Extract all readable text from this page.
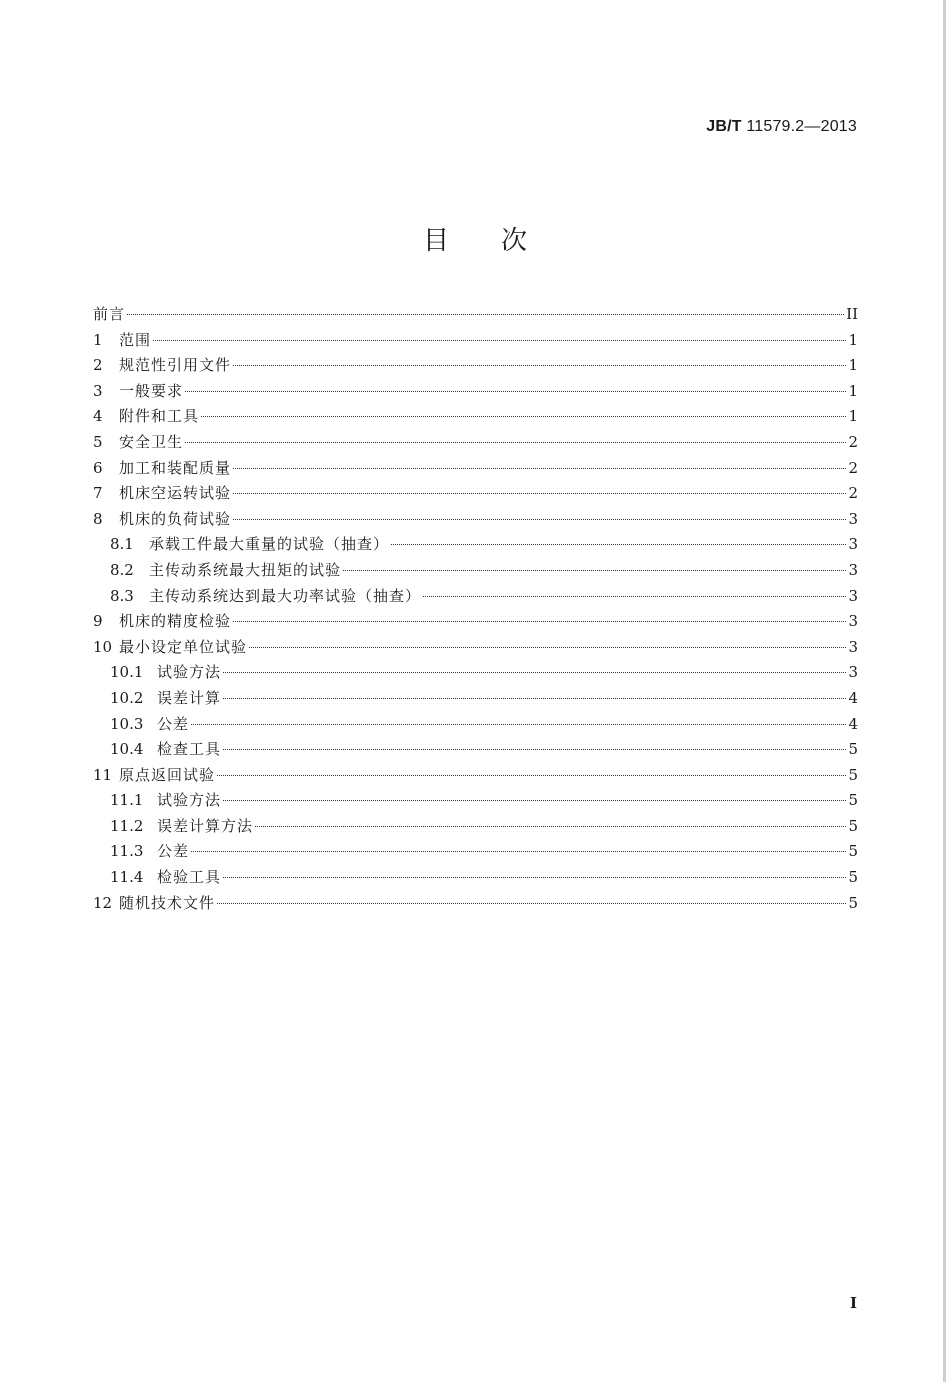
JB/T 11579.2—2013
目次
前言	II
1	范围	1
2	规范性引用文件	1
3	一般要求	1
4	附件和工具	1
5	安全卫生	2
6	加工和装配质量	2
7	机床空运转试验	2
8	机床的负荷试验	3
8.1	承载工件最大重量的试验（抽查）	3
8.2	主传动系统最大扭矩的试验	3
8.3	主传动系统达到最大功率试验（抽查）	3
9	机床的精度检验	3
10 最小设定单位试验	3
10.1 试验方法	3
10.2 误差计算	4
10.3 公差	4
10.4 检查工具	5
11 原点返回试验	5
11.1 试验方法	5
11.2 误差计算方法	5
11.3 公差	5
11.4 检验工具	5
12 随机技术文件	5
I
